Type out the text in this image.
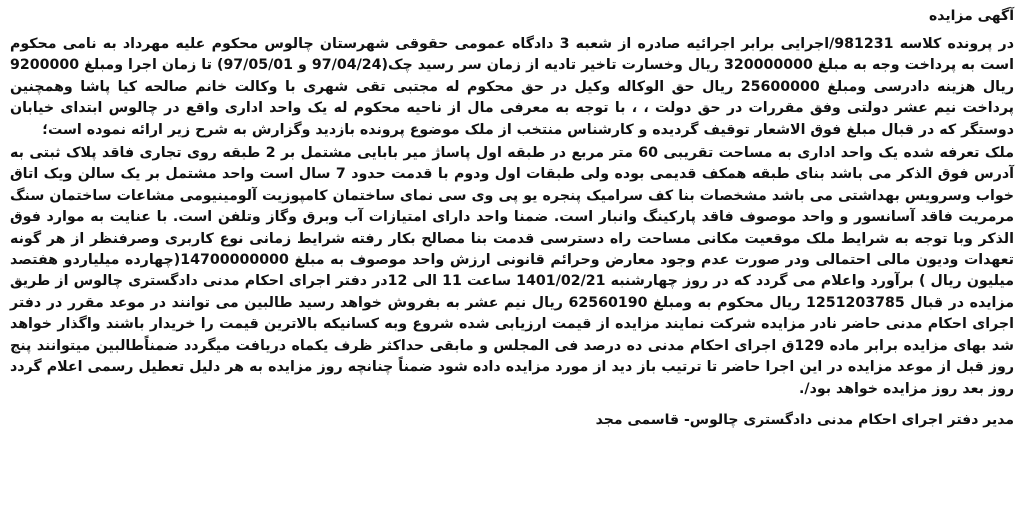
آگهی مزایده

در پرونده کلاسه 981231/اجرایی برابر اجرائیه صادره از شعبه 3 دادگاه عمومی حقوقی شهرستان چالوس محکوم علیه مهرداد به نامی محکوم است به پرداخت وجه به مبلغ 320000000 ریال وخسارت تاخیر تادیه از زمان سر رسید چک(97/04/24 و 97/05/01) تا زمان اجرا ومبلغ 9200000 ریال هزینه دادرسی ومبلغ 25600000 ریال حق الوکاله وکیل در حق محکوم له مجتبی تقی شهری با وکالت خانم صالحه کیا پاشا وهمچنین پرداخت نیم عشر دولتی وفق مقررات در حق دولت ، ، با توجه به معرفی مال از ناحیه محکوم له یک واحد اداری واقع در چالوس ابتدای خیابان دوستگر که در قبال مبلغ فوق الاشعار توقیف گردیده و کارشناس منتخب از ملک موضوع پرونده بازدید وگزارش به شرح زیر ارائه نموده است؛

ملک تعرفه شده یک واحد اداری به مساحت تقریبی 60 متر مربع در طبقه اول پاساژ میر بابایی مشتمل بر 2 طبقه روی تجاری فاقد پلاک ثبتی به آدرس فوق الذکر می باشد بنای طبقه همکف قدیمی بوده ولی طبقات اول ودوم با قدمت حدود 7 سال است واحد مشتمل بر یک سالن ویک اتاق خواب وسرویس بهداشتی می باشد مشخصات بنا کف سرامیک پنجره یو پی وی سی نمای ساختمان کامپوزیت آلومینیومی مشاعات ساختمان سنگ مرمریت فاقد آسانسور و واحد موصوف فاقد پارکینگ وانبار است. ضمنا واحد دارای امتیازات آب وبرق وگاز وتلفن است. با عنایت به موارد فوق الذکر وبا توجه به شرایط ملک موقعیت مکانی مساحت راه دسترسی قدمت بنا مصالح بکار رفته شرایط زمانی نوع کاربری وصرفنظر از هر گونه تعهدات ودیون مالی احتمالی ودر صورت عدم وجود معارض وحرائم قانونی ارزش واحد موصوف به مبلغ 14700000000(چهارده میلیاردو هفتصد میلیون ریال ) برآورد واعلام می گردد که در روز چهارشنبه 1401/02/21 ساعت 11 الی 12در دفتر اجرای احکام مدنی دادگستری چالوس از طریق مزایده در قبال 1251203785 ریال محکوم به ومبلغ 62560190 ریال نیم عشر به بفروش خواهد رسید طالبین می توانند در موعد مقرر در دفتر اجرای احکام مدنی حاضر نادر مزایده شرکت نمایند مزایده از قیمت ارزیابی شده شروع وبه کسانیکه بالاترین قیمت را خریدار باشند واگذار خواهد شد بهای مزایده برابر ماده 129ق اجرای احکام مدنی ده درصد فی المجلس و مابقی حداکثر ظرف یکماه دریافت میگردد ضمناًطالبین میتوانند پنج روز قبل از موعد مزایده در این اجرا حاضر تا ترتیب باز دید از مورد مزایده داده شود ضمناً چنانچه روز مزایده به هر دلیل تعطیل رسمی اعلام گردد روز بعد روز مزایده خواهد بود/.

مدیر دفتر اجرای احکام مدنی دادگستری چالوس- قاسمی مجد
